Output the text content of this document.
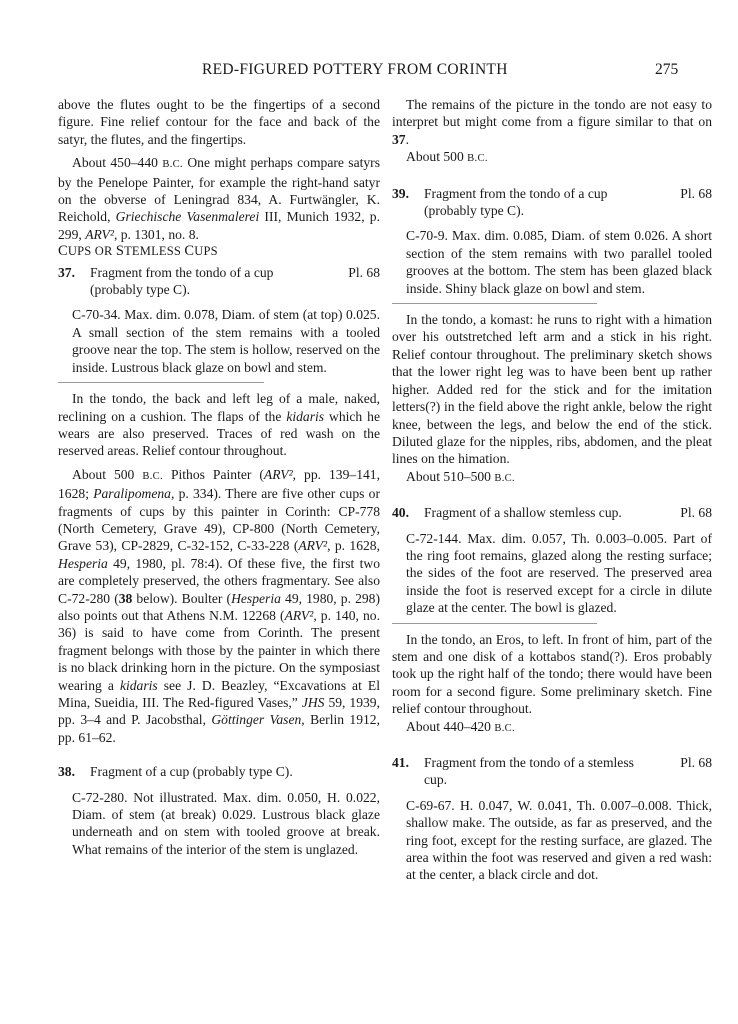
RED-FIGURED POTTERY FROM CORINTH	275

above the flutes ought to be the fingertips of a second figure. Fine relief contour for the face and back of the satyr, the flutes, and the fingertips.

About 450–440 B.C. One might perhaps compare satyrs by the Penelope Painter, for example the right-hand satyr on the obverse of Leningrad 834, A. Furtwängler, K. Reichold, Griechische Vasenmalerei III, Munich 1932, p. 299, ARV², p. 1301, no. 8.

CUPS OR STEMLESS CUPS

37.	Fragment from the tondo of a cup (probably type C).
Pl. 68

C-70-34. Max. dim. 0.078, Diam. of stem (at top) 0.025. A small section of the stem remains with a tooled groove near the top. The stem is hollow, reserved on the inside. Lustrous black glaze on bowl and stem.

In the tondo, the back and left leg of a male, naked, reclining on a cushion. The flaps of the kidaris which he wears are also preserved. Traces of red wash on the reserved areas. Relief contour throughout.

About 500 B.C. Pithos Painter (ARV², pp. 139–141, 1628; Paralipomena, p. 334). There are five other cups or fragments of cups by this painter in Corinth: CP-778 (North Cemetery, Grave 49), CP-800 (North Cemetery, Grave 53), CP-2829, C-32-152, C-33-228 (ARV², p. 1628, Hesperia 49, 1980, pl. 78:4). Of these five, the first two are completely preserved, the others fragmentary. See also C-72-280 (38 below). Boulter (Hesperia 49, 1980, p. 298) also points out that Athens N.M. 12268 (ARV², p. 140, no. 36) is said to have come from Corinth. The present fragment belongs with those by the painter in which there is no black drinking horn in the picture. On the symposiast wearing a kidaris see J. D. Beazley, “Excavations at El Mina, Sueidia, III. The Red-figured Vases,” JHS 59, 1939, pp. 3–4 and P. Jacobsthal, Göttinger Vasen, Berlin 1912, pp. 61–62.

38.	Fragment of a cup (probably type C).

C-72-280. Not illustrated. Max. dim. 0.050, H. 0.022, Diam. of stem (at break) 0.029. Lustrous black glaze underneath and on stem with tooled groove at break. What remains of the interior of the stem is unglazed.

The remains of the picture in the tondo are not easy to interpret but might come from a figure similar to that on 37.

About 500 B.C.

39.	Fragment from the tondo of a cup (probably type C).
Pl. 68

C-70-9. Max. dim. 0.085, Diam. of stem 0.026. A short section of the stem remains with two parallel tooled grooves at the bottom. The stem has been glazed black inside. Shiny black glaze on bowl and stem.

In the tondo, a komast: he runs to right with a himation over his outstretched left arm and a stick in his right. Relief contour throughout. The preliminary sketch shows that the lower right leg was to have been bent up rather higher. Added red for the stick and for the imitation letters(?) in the field above the right ankle, below the right knee, between the legs, and below the end of the stick. Diluted glaze for the nipples, ribs, abdomen, and the pleat lines on the himation.

About 510–500 B.C.

40.	Fragment of a shallow stemless cup.	Pl. 68

C-72-144. Max. dim. 0.057, Th. 0.003–0.005. Part of the ring foot remains, glazed along the resting surface; the sides of the foot are reserved. The preserved area inside the foot is reserved except for a circle in dilute glaze at the center. The bowl is glazed.

In the tondo, an Eros, to left. In front of him, part of the stem and one disk of a kottabos stand(?). Eros probably took up the right half of the tondo; there would have been room for a second figure. Some preliminary sketch. Fine relief contour throughout.

About 440–420 B.C.

41.	Fragment from the tondo of a stemless cup.
Pl. 68

C-69-67. H. 0.047, W. 0.041, Th. 0.007–0.008. Thick, shallow make. The outside, as far as preserved, and the ring foot, except for the resting surface, are glazed. The area within the foot was reserved and given a red wash: at the center, a black circle and dot.
